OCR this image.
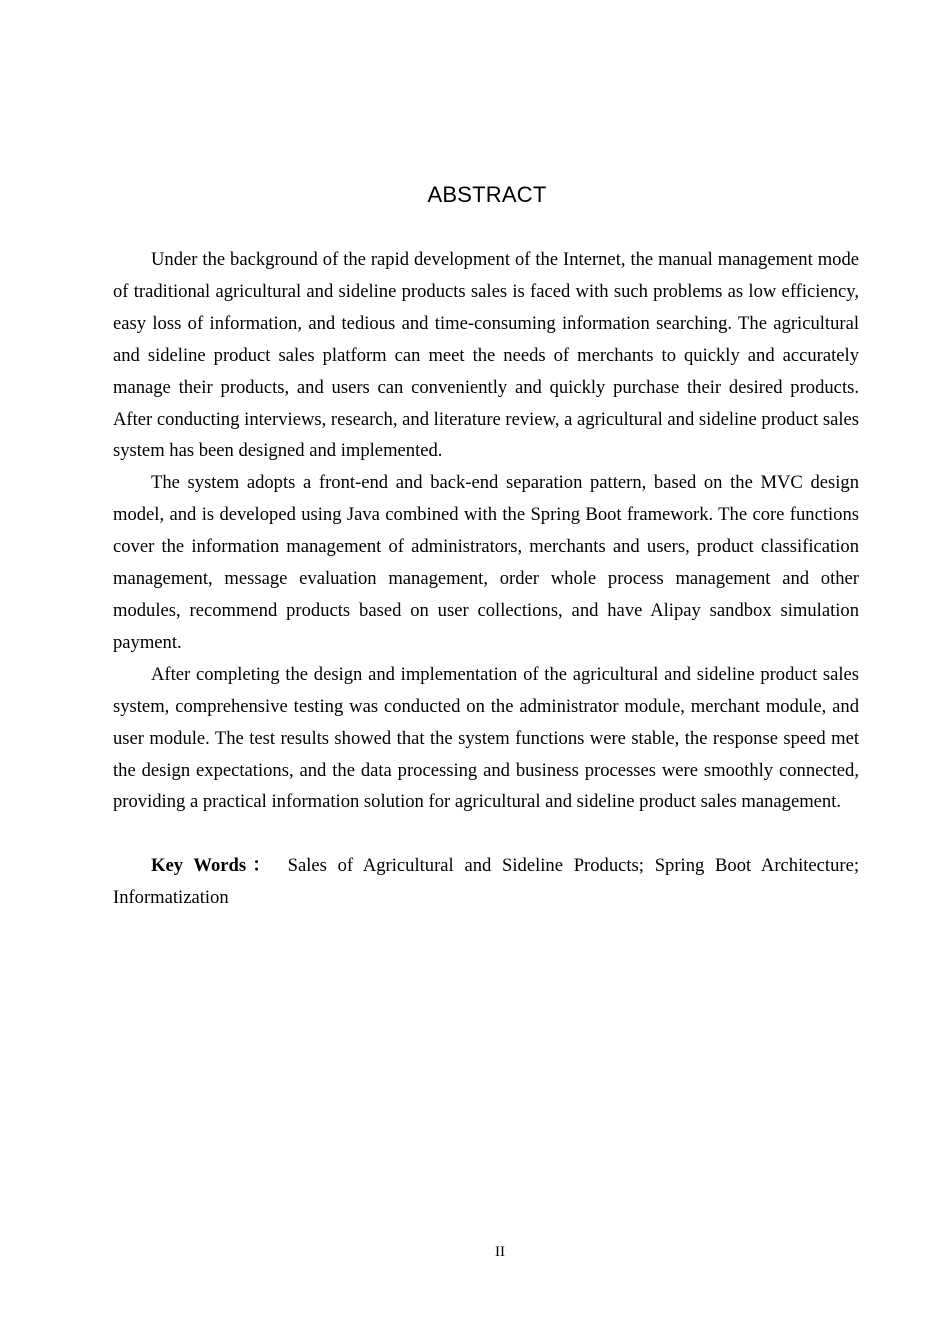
ABSTRACT

Under the background of the rapid development of the Internet, the manual management mode of traditional agricultural and sideline products sales is faced with such problems as low efficiency, easy loss of information, and tedious and time-consuming information searching. The agricultural and sideline product sales platform can meet the needs of merchants to quickly and accurately manage their products, and users can conveniently and quickly purchase their desired products. After conducting interviews, research, and literature review, a agricultural and sideline product sales system has been designed and implemented.

The system adopts a front-end and back-end separation pattern, based on the MVC design model, and is developed using Java combined with the Spring Boot framework. The core functions cover the information management of administrators, merchants and users, product classification management, message evaluation management, order whole process management and other modules, recommend products based on user collections, and have Alipay sandbox simulation payment.

After completing the design and implementation of the agricultural and sideline product sales system, comprehensive testing was conducted on the administrator module, merchant module, and user module. The test results showed that the system functions were stable, the response speed met the design expectations, and the data processing and business processes were smoothly connected, providing a practical information solution for agricultural and sideline product sales management.

Key Words： Sales of Agricultural and Sideline Products; Spring Boot Architecture; Informatization

II
